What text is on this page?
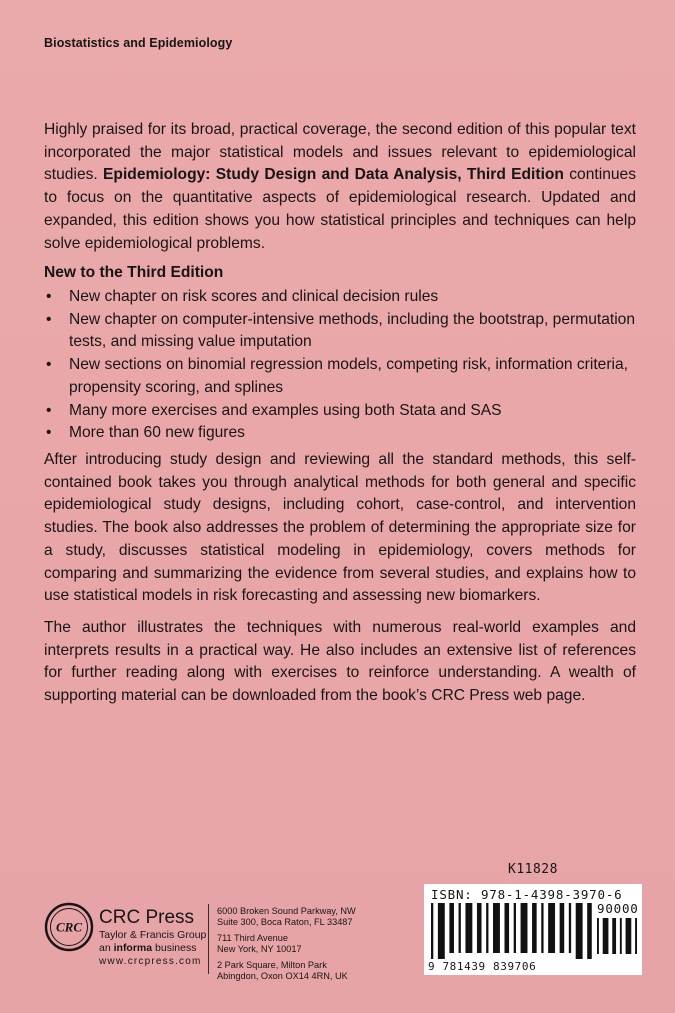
Biostatistics and Epidemiology
Highly praised for its broad, practical coverage, the second edition of this popular text incorporated the major statistical models and issues relevant to epidemiological studies. Epidemiology: Study Design and Data Analysis, Third Edition continues to focus on the quantitative aspects of epidemiological research. Updated and expanded, this edition shows you how statistical principles and techniques can help solve epidemiological problems.
New to the Third Edition
• New chapter on risk scores and clinical decision rules
• New chapter on computer-intensive methods, including the bootstrap, permutation tests, and missing value imputation
• New sections on binomial regression models, competing risk, information criteria, propensity scoring, and splines
• Many more exercises and examples using both Stata and SAS
• More than 60 new figures
After introducing study design and reviewing all the standard methods, this self-contained book takes you through analytical methods for both general and specific epidemiological study designs, including cohort, case-control, and intervention studies. The book also addresses the problem of determining the appropriate size for a study, discusses statistical modeling in epidemiology, covers methods for comparing and summarizing the evidence from several studies, and explains how to use statistical models in risk forecasting and assessing new biomarkers.
The author illustrates the techniques with numerous real-world examples and interprets results in a practical way. He also includes an extensive list of references for further reading along with exercises to reinforce understanding. A wealth of supporting material can be downloaded from the book’s CRC Press web page.
CRC CRC Press
Taylor & Francis Group
an informa business
www.crcpress.com
6000 Broken Sound Parkway, NW
Suite 300, Boca Raton, FL 33487
711 Third Avenue
New York, NY 10017
2 Park Square, Milton Park
Abingdon, Oxon OX14 4RN, UK
K11828
ISBN: 978-1-4398-3970-6
90000
9 781439 839706
